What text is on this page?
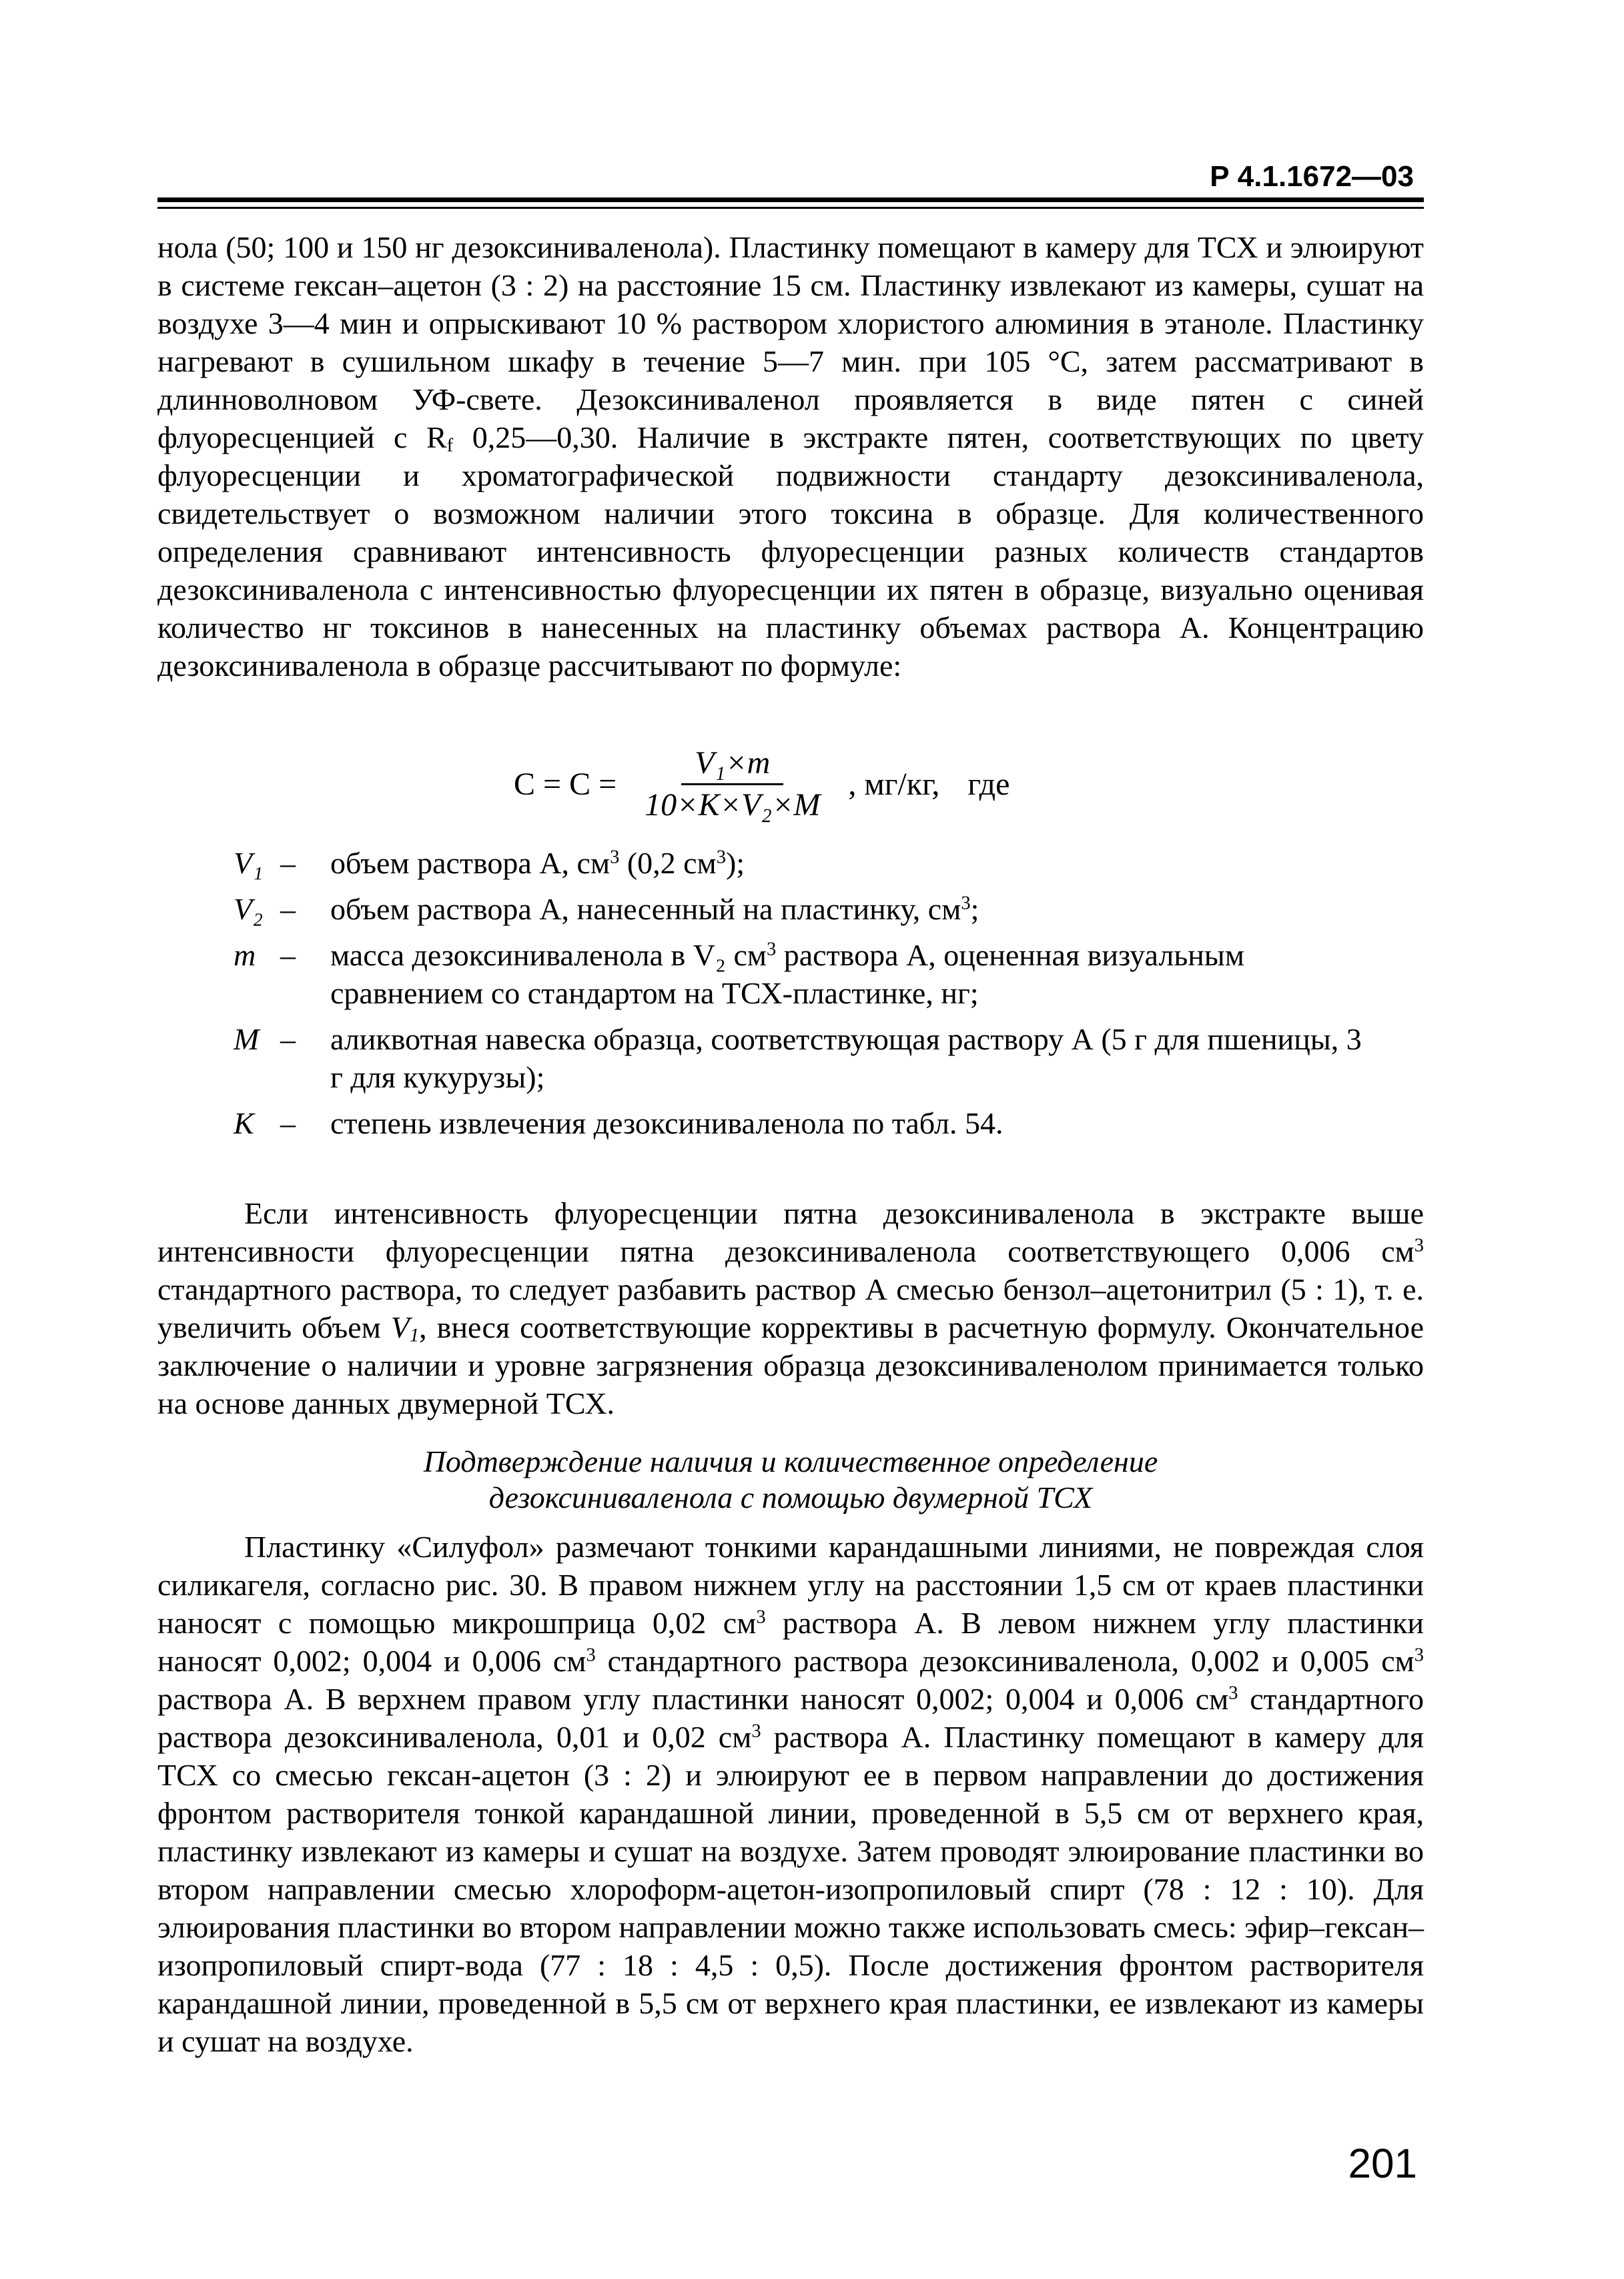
Р 4.1.1672—03

нола (50; 100 и 150 нг дезоксиниваленола). Пластинку помещают в камеру для ТСХ и элюируют в системе гексан–ацетон (3 : 2) на расстояние 15 см. Пластинку извлекают из камеры, сушат на воздухе 3—4 мин и опрыскивают 10 % раствором хлористого алюминия в этаноле. Пластинку нагревают в сушильном шкафу в течение 5—7 мин. при 105 °С, затем рассматривают в длинноволновом УФ-свете. Дезоксиниваленол проявляется в виде пятен с синей флуоресценцией с $R_f$ 0,25—0,30. Наличие в экстракте пятен, соответствующих по цвету флуоресценции и хроматографической подвижности стандарту дезоксиниваленола, свидетельствует о возможном наличии этого токсина в образце. Для количественного определения сравнивают интенсивность флуоресценции разных количеств стандартов дезоксиниваленола с интенсивностью флуоресценции их пятен в образце, визуально оценивая количество нг токсинов в нанесенных на пластинку объемах раствора А. Концентрацию дезоксиниваленола в образце рассчитывают по формуле:

$С = C = \frac{\text{V₁×m}}{\text{10×K×V₂×M}}$ , мг/кг, где
V₁ –	объем раствора А, $см^3$ (0,2 $см^3$);
V₂ –	объем раствора А, нанесенный на пластинку, $см^3$;
m –	масса дезоксиниваленола в V₂ $см^3$ раствора А, оцененная визуальным сравнением со стандартом на ТСХ-пластинке, нг;
M –	аликвотная навеска образца, соответствующая раствору А (5 г для пшеницы, 3 г для кукурузы);
K –	степень извлечения дезоксиниваленола по табл. 54.

Если интенсивность флуоресценции пятна дезоксиниваленола в экстракте выше интенсивности флуоресценции пятна дезоксиниваленола соответствующего 0,006 $см^3$ стандартного раствора, то следует разбавить раствор А смесью бензол–ацетонитрил (5 : 1), т. е. увеличить объем $V_1$, внеся соответствующие коррективы в расчетную формулу. Окончательное заключение о наличии и уровне загрязнения образца дезоксиниваленолом принимается только на основе данных двумерной ТСХ.

Подтверждение наличия и количественное определение
дезоксиниваленола с помощью двумерной ТСХ

Пластинку «Силуфол» размечают тонкими карандашными линиями, не повреждая слоя силикагеля, согласно рис. 30. В правом нижнем углу на расстоянии 1,5 см от краев пластинки наносят с помощью микрошприца 0,02 $см^3$ раствора А. В левом нижнем углу пластинки наносят 0,002; 0,004 и 0,006 $см^3$ стандартного раствора дезоксиниваленола, 0,002 и 0,005 $см^3$ раствора А. В верхнем правом углу пластинки наносят 0,002; 0,004 и 0,006 $см^3$ стандартного раствора дезоксиниваленола, 0,01 и 0,02 $см^3$ раствора А. Пластинку помещают в камеру для ТСХ со смесью гексан-ацетон (3 : 2) и элюируют ее в первом направлении до достижения фронтом растворителя тонкой карандашной линии, проведенной в 5,5 см от верхнего края, пластинку извлекают из камеры и сушат на воздухе. Затем проводят элюирование пластинки во втором направлении смесью хлороформ-ацетон-изопропиловый спирт (78 : 12 : 10). Для элюирования пластинки во втором направлении можно также использовать смесь: эфир–гексан–изопропиловый спирт-вода (77 : 18 : 4,5 : 0,5). После достижения фронтом растворителя карандашной линии, проведенной в 5,5 см от верхнего края пластинки, ее извлекают из камеры и сушат на воздухе.

201
